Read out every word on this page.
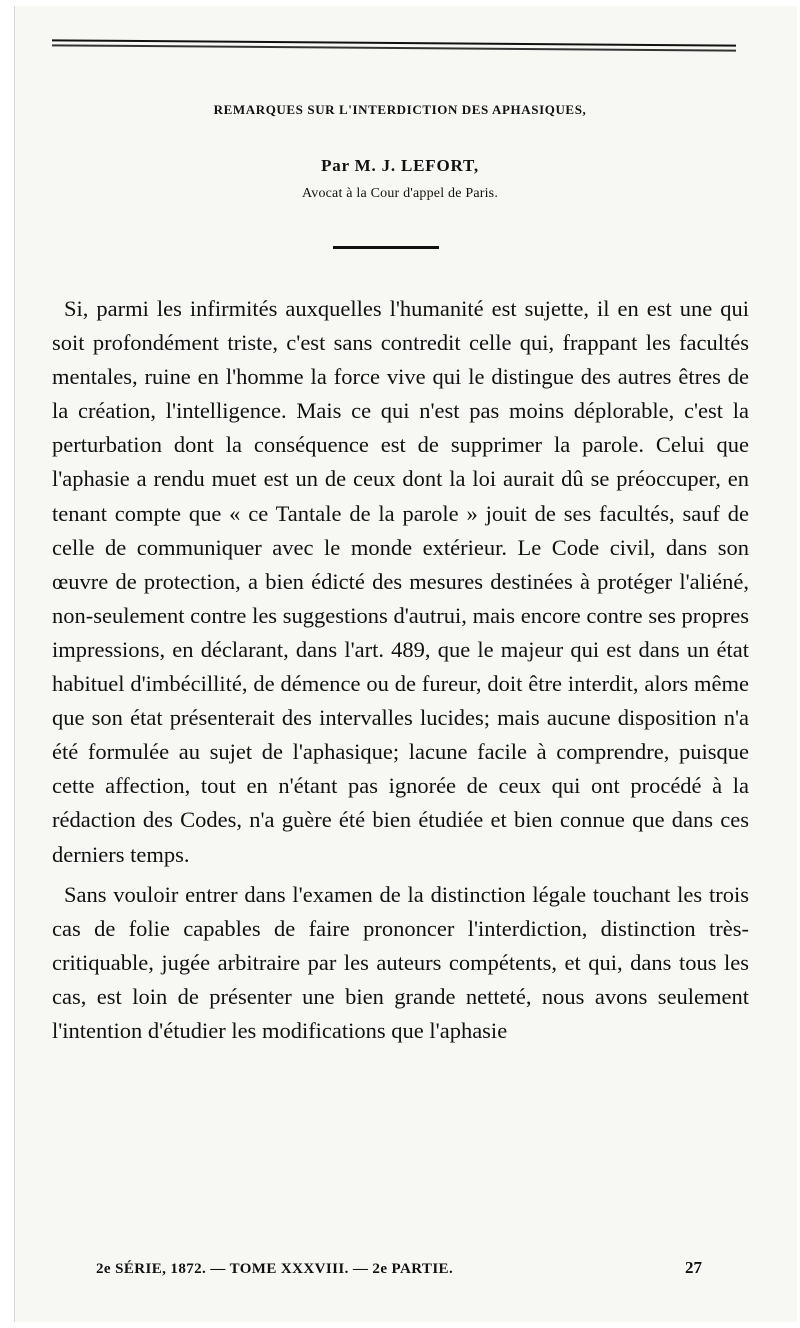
REMARQUES SUR L'INTERDICTION DES APHASIQUES,
Par M. J. LEFORT,
Avocat à la Cour d'appel de Paris.

Si, parmi les infirmités auxquelles l'humanité est sujette, il en est une qui soit profondément triste, c'est sans contredit celle qui, frappant les facultés mentales, ruine en l'homme la force vive qui le distingue des autres êtres de la création, l'intelligence. Mais ce qui n'est pas moins déplorable, c'est la perturbation dont la conséquence est de supprimer la parole. Celui que l'aphasie a rendu muet est un de ceux dont la loi aurait dû se préoccuper, en tenant compte que « ce Tantale de la parole » jouit de ses facultés, sauf de celle de communiquer avec le monde extérieur. Le Code civil, dans son œuvre de protection, a bien édicté des mesures destinées à protéger l'aliéné, non-seulement contre les suggestions d'autrui, mais encore contre ses propres impressions, en déclarant, dans l'art. 489, que le majeur qui est dans un état habituel d'imbécillité, de démence ou de fureur, doit être interdit, alors même que son état présenterait des intervalles lucides; mais aucune disposition n'a été formulée au sujet de l'aphasique; lacune facile à comprendre, puisque cette affection, tout en n'étant pas ignorée de ceux qui ont procédé à la rédaction des Codes, n'a guère été bien étudiée et bien connue que dans ces derniers temps.

Sans vouloir entrer dans l'examen de la distinction légale touchant les trois cas de folie capables de faire prononcer l'interdiction, distinction très-critiquable, jugée arbitraire par les auteurs compétents, et qui, dans tous les cas, est loin de présenter une bien grande netteté, nous avons seulement l'intention d'étudier les modifications que l'aphasie

2e SÉRIE, 1872. — TOME XXXVIII. — 2e PARTIE.	27
